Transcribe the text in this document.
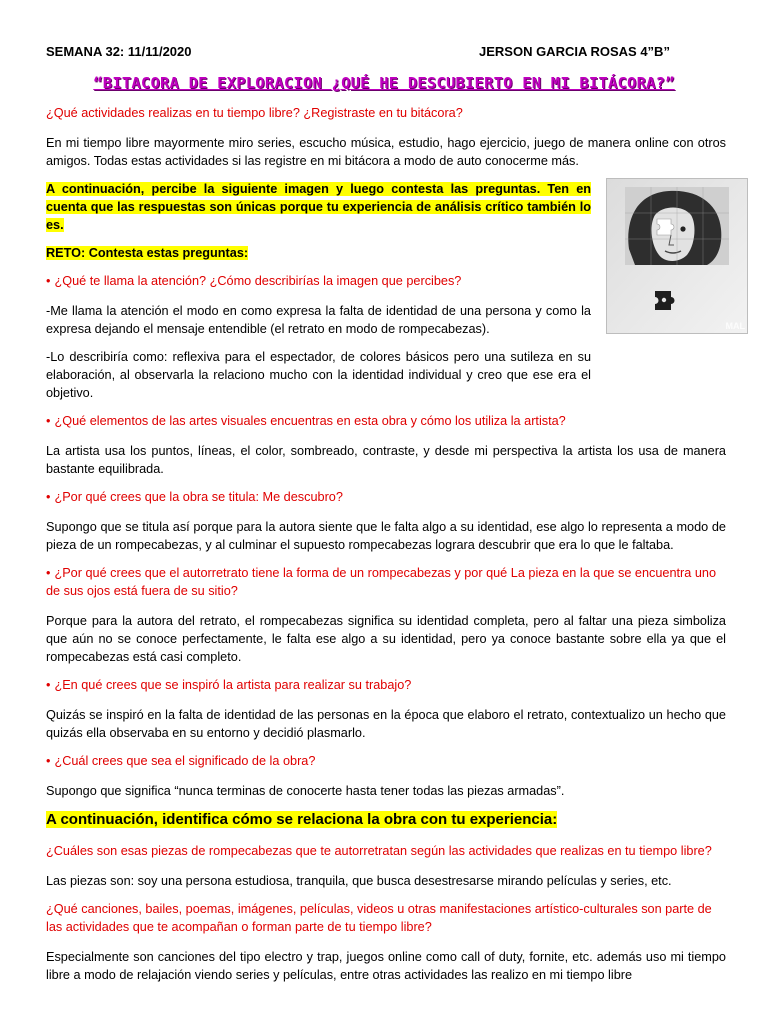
SEMANA 32: 11/11/2020	JERSON GARCIA ROSAS 4”B”
“BITACORA DE EXPLORACION ¿QUÉ HE DESCUBIERTO EN MI BITÁCORA?”
MAL

¿Qué actividades realizas en tu tiempo libre? ¿Registraste en tu bitácora?

En mi tiempo libre mayormente miro series, escucho música, estudio, hago ejercicio, juego de manera online con otros amigos. Todas estas actividades si las registre en mi bitácora a modo de auto conocerme más.

A continuación, percibe la siguiente imagen y luego contesta las preguntas. Ten en cuenta que las respuestas son únicas porque tu experiencia de análisis crítico también lo es.

RETO: Contesta estas preguntas:

• ¿Qué te llama la atención? ¿Cómo describirías la imagen que percibes?

-Me llama la atención el modo en como expresa la falta de identidad de una persona y como la expresa dejando el mensaje entendible (el retrato en modo de rompecabezas).

-Lo describiría como: reflexiva para el espectador, de colores básicos pero una sutileza en su elaboración, al observarla la relaciono mucho con la identidad individual y creo que ese era el objetivo.

• ¿Qué elementos de las artes visuales encuentras en esta obra y cómo los utiliza la artista?

La artista usa los puntos, líneas, el color, sombreado, contraste, y desde mi perspectiva la artista los usa de manera bastante equilibrada.

• ¿Por qué crees que la obra se titula: Me descubro?

Supongo que se titula así porque para la autora siente que le falta algo a su identidad, ese algo lo representa a modo de pieza de un rompecabezas, y al culminar el supuesto rompecabezas lograra descubrir que era lo que le faltaba.

• ¿Por qué crees que el autorretrato tiene la forma de un rompecabezas y por qué La pieza en la que se encuentra uno de sus ojos está fuera de su sitio?

Porque para la autora del retrato, el rompecabezas significa su identidad completa, pero al faltar una pieza simboliza que aún no se conoce perfectamente, le falta ese algo a su identidad, pero ya conoce bastante sobre ella ya que el rompecabezas está casi completo.

• ¿En qué crees que se inspiró la artista para realizar su trabajo?

Quizás se inspiró en la falta de identidad de las personas en la época que elaboro el retrato, contextualizo un hecho que quizás ella observaba en su entorno y decidió plasmarlo.

• ¿Cuál crees que sea el significado de la obra?

Supongo que significa “nunca terminas de conocerte hasta tener todas las piezas armadas”.

A continuación, identifica cómo se relaciona la obra con tu experiencia:

¿Cuáles son esas piezas de rompecabezas que te autorretratan según las actividades que realizas en tu tiempo libre?

Las piezas son: soy una persona estudiosa, tranquila, que busca desestresarse mirando películas y series, etc.

¿Qué canciones, bailes, poemas, imágenes, películas, videos u otras manifestaciones artístico-culturales son parte de las actividades que te acompañan o forman parte de tu tiempo libre?

Especialmente son canciones del tipo electro y trap, juegos online como call of duty, fornite, etc. además uso mi tiempo libre a modo de relajación viendo series y películas, entre otras actividades las realizo en mi tiempo libre
